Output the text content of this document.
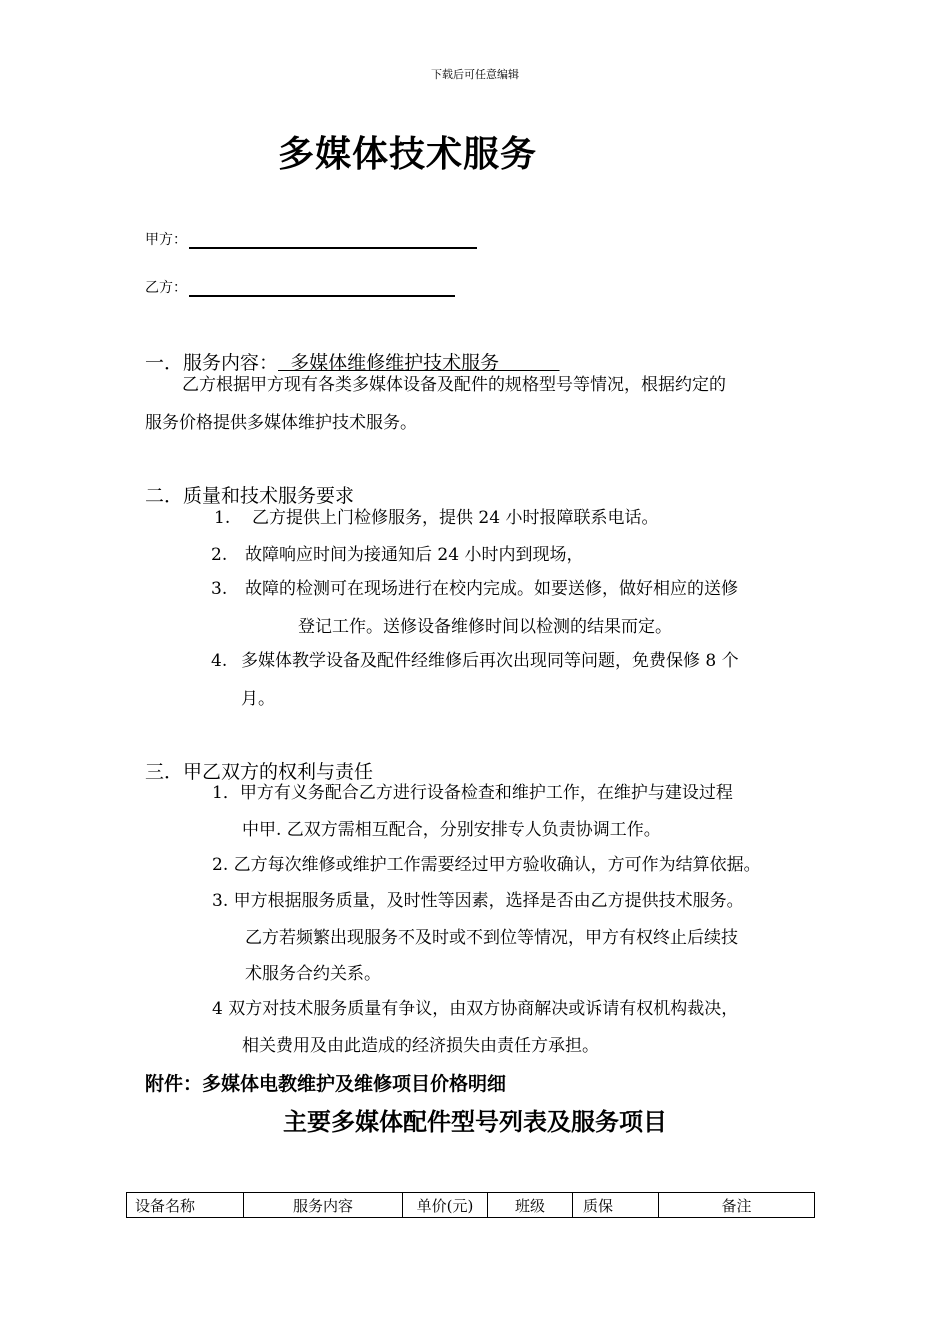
下载后可任意编辑
多媒体技术服务
甲方：
乙方：
一．服务内容：  多媒体维修维护技术服务
乙方根据甲方现有各类多媒体设备及配件的规格型号等情况，根据约定的
服务价格提供多媒体维护技术服务。
二．质量和技术服务要求
1. 乙方提供上门检修服务，提供 24 小时报障联系电话。
2. 故障响应时间为接通知后 24 小时内到现场，
3. 故障的检测可在现场进行在校内完成。如要送修，做好相应的送修
登记工作。送修设备维修时间以检测的结果而定。
4. 多媒体教学设备及配件经维修后再次出现同等问题，免费保修 8 个
月。
三．甲乙双方的权利与责任
1．甲方有义务配合乙方进行设备检查和维护工作，在维护与建设过程
中甲. 乙双方需相互配合，分别安排专人负责协调工作。
2. 乙方每次维修或维护工作需要经过甲方验收确认，方可作为结算依据。
3. 甲方根据服务质量，及时性等因素，选择是否由乙方提供技术服务。
乙方若频繁出现服务不及时或不到位等情况，甲方有权终止后续技
术服务合约关系。
4 双方对技术服务质量有争议，由双方协商解决或诉请有权机构裁决，
相关费用及由此造成的经济损失由责任方承担。
附件：多媒体电教维护及维修项目价格明细
主要多媒体配件型号列表及服务项目
设备名称	服务内容	单价(元)	班级	质保	备注
